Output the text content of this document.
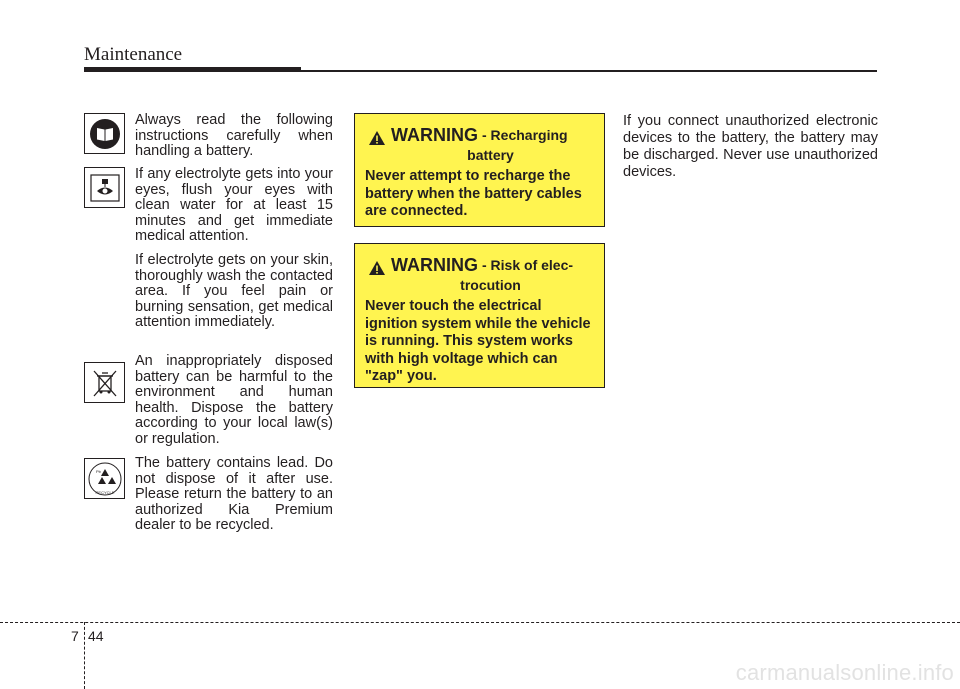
Maintenance
RECYCLE
Pb
Always read the following instructions carefully when handling a battery.
If any electrolyte gets into your eyes, flush your eyes with clean water for at least 15 minutes and get immediate medical attention.
If electrolyte gets on your skin, thoroughly wash the contacted area. If you feel pain or burning sensation, get medical attention immediately.
An inappropriately disposed battery can be harmful to the environment and human health. Dispose the battery according to your local law(s) or regulation.
The battery contains lead. Do not dispose of it after use. Please return the battery to an authorized Kia Premium dealer to be recycled.
WARNING - Recharging
battery
Never attempt to recharge the battery when the battery cables are connected.
WARNING - Risk of elec-
trocution
Never touch the electrical ignition system while the vehicle is running. This system works with high voltage which can "zap" you.
If you connect unauthorized electronic devices to the battery, the battery may be discharged. Never use unauthorized devices.
7 44
carmanualsonline.info
